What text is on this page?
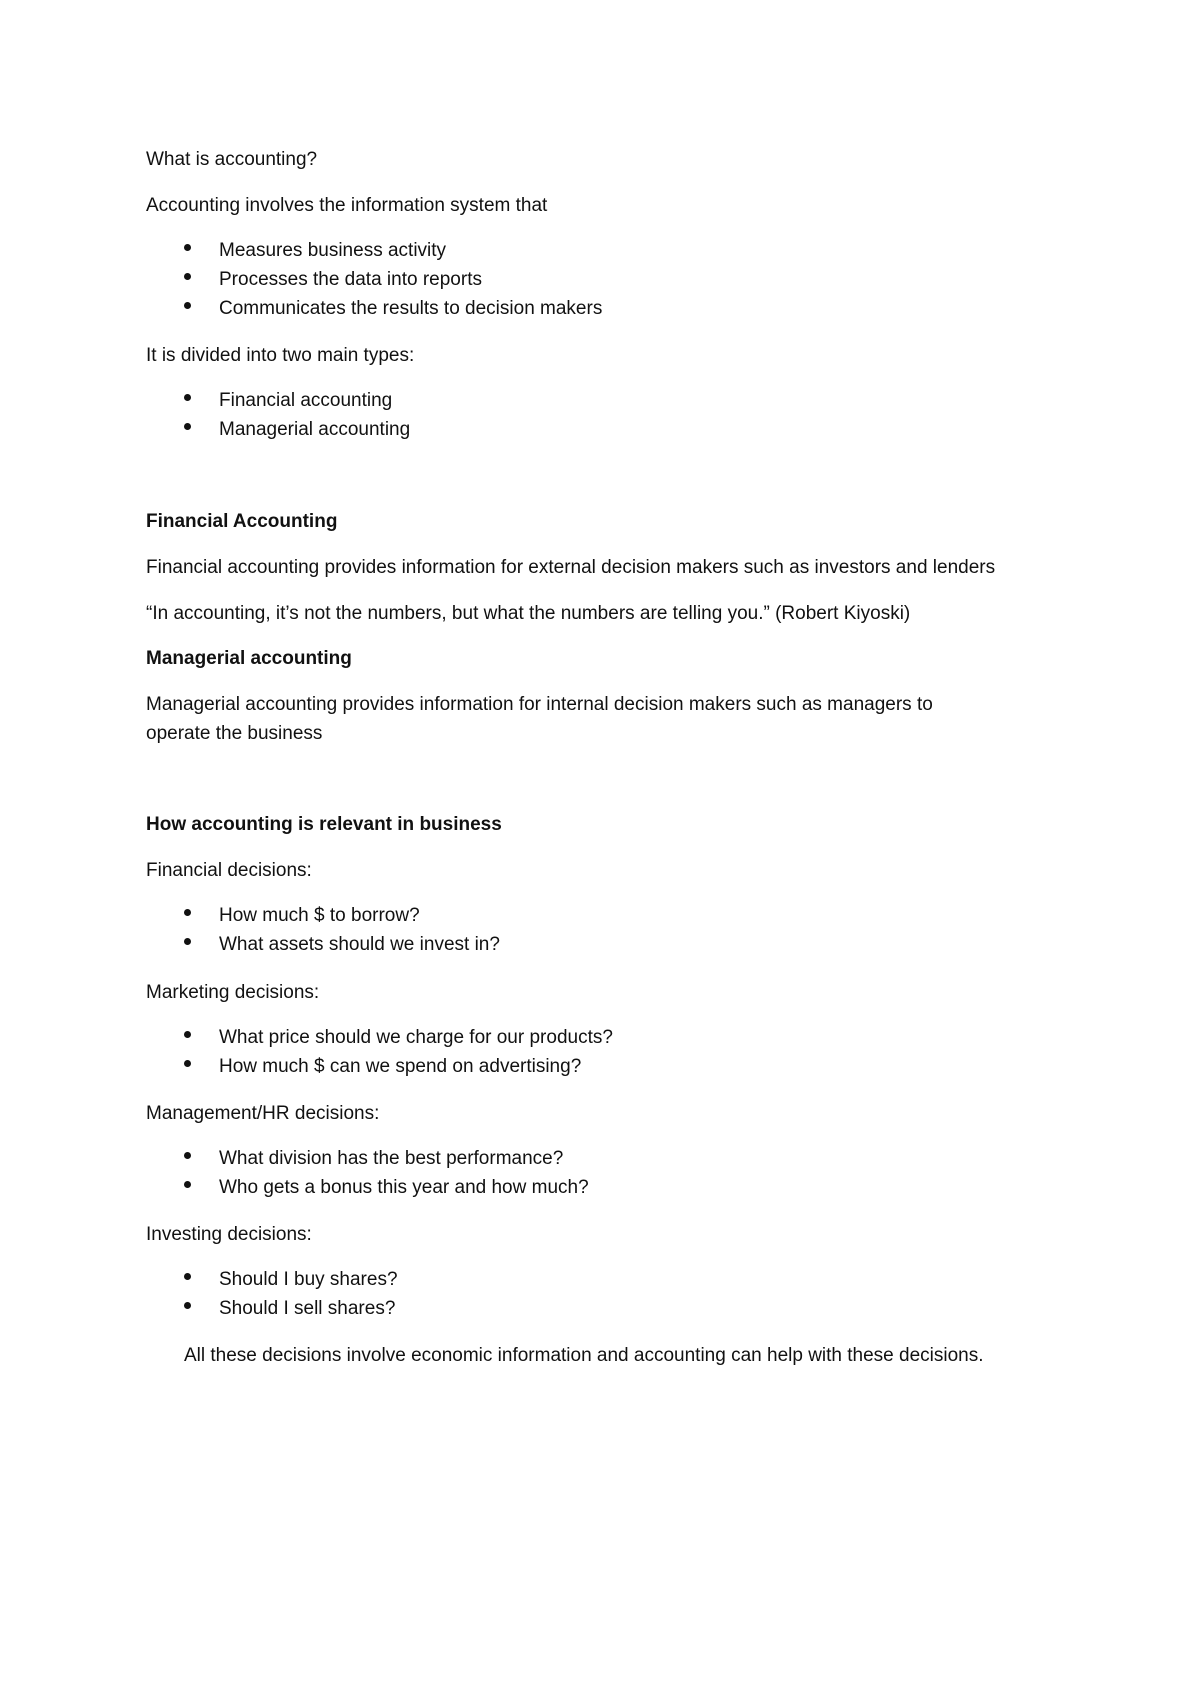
What is accounting?

Accounting involves the information system that

Measures business activity

Processes the data into reports

Communicates the results to decision makers

It is divided into two main types:

Financial accounting

Managerial accounting

Financial Accounting

Financial accounting provides information for external decision makers such as investors and lenders

“In accounting, it’s not the numbers, but what the numbers are telling you.” (Robert Kiyoski)

Managerial accounting

Managerial accounting provides information for internal decision makers such as managers to

operate the business

How accounting is relevant in business

Financial decisions:

How much $ to borrow?

What assets should we invest in?

Marketing decisions:

What price should we charge for our products?

How much $ can we spend on advertising?

Management/HR decisions:

What division has the best performance?

Who gets a bonus this year and how much?

Investing decisions:

Should I buy shares?

Should I sell shares?

All these decisions involve economic information and accounting can help with these decisions.
